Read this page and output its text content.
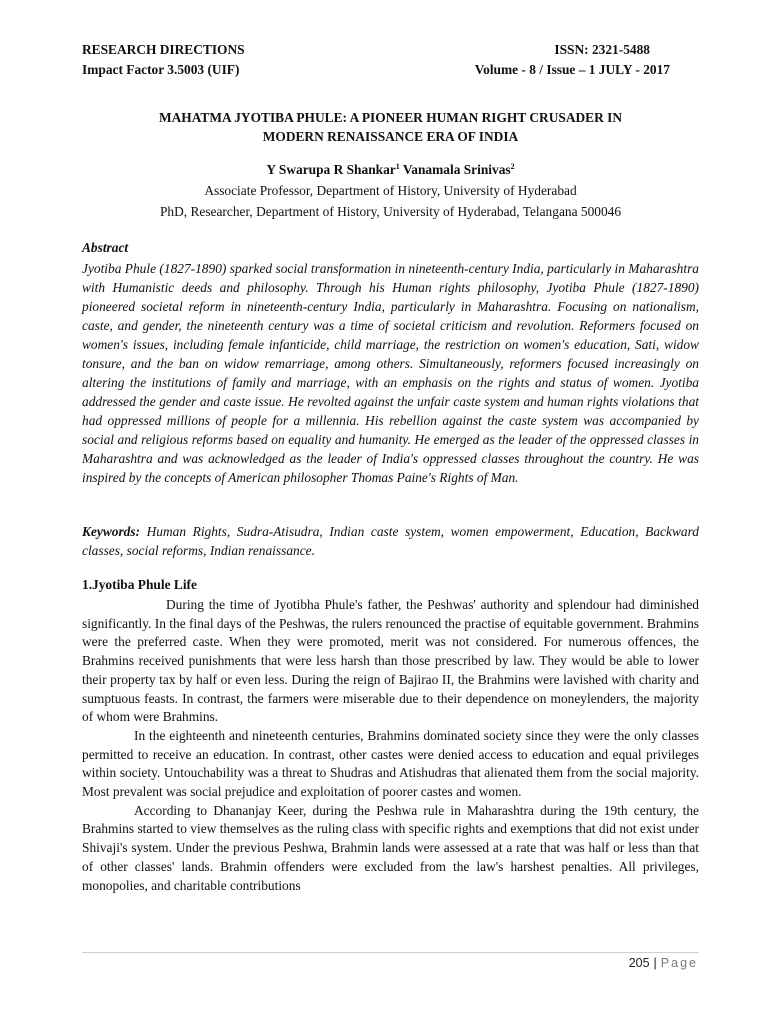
RESEARCH DIRECTIONS	ISSN: 2321-5488
Impact Factor 3.5003 (UIF)	Volume - 8 / Issue – 1 JULY - 2017
MAHATMA JYOTIBA PHULE: A PIONEER HUMAN RIGHT CRUSADER IN
MODERN RENAISSANCE ERA OF INDIA
Y Swarupa R Shankar$^1$ Vanamala Srinivas$^2$
Associate Professor, Department of History, University of Hyderabad
PhD, Researcher, Department of History, University of Hyderabad, Telangana 500046
Abstract
Jyotiba Phule (1827-1890) sparked social transformation in nineteenth-century India, particularly in Maharashtra with Humanistic deeds and philosophy. Through his Human rights philosophy, Jyotiba Phule (1827-1890) pioneered societal reform in nineteenth-century India, particularly in Maharashtra. Focusing on nationalism, caste, and gender, the nineteenth century was a time of societal criticism and revolution. Reformers focused on women's issues, including female infanticide, child marriage, the restriction on women's education, Sati, widow tonsure, and the ban on widow remarriage, among others. Simultaneously, reformers focused increasingly on altering the institutions of family and marriage, with an emphasis on the rights and status of women. Jyotiba addressed the gender and caste issue. He revolted against the unfair caste system and human rights violations that had oppressed millions of people for a millennia. His rebellion against the caste system was accompanied by social and religious reforms based on equality and humanity. He emerged as the leader of the oppressed classes in Maharashtra and was acknowledged as the leader of India's oppressed classes throughout the country. He was inspired by the concepts of American philosopher Thomas Paine's Rights of Man.
Keywords: Human Rights, Sudra-Atisudra, Indian caste system, women empowerment, Education, Backward classes, social reforms, Indian renaissance.
1.Jyotiba Phule Life

During the time of Jyotibha Phule's father, the Peshwas' authority and splendour had diminished significantly. In the final days of the Peshwas, the rulers renounced the practise of equitable government. Brahmins were the preferred caste. When they were promoted, merit was not considered. For numerous offences, the Brahmins received punishments that were less harsh than those prescribed by law. They would be able to lower their property tax by half or even less. During the reign of Bajirao II, the Brahmins were lavished with charity and sumptuous feasts. In contrast, the farmers were miserable due to their dependence on moneylenders, the majority of whom were Brahmins.

In the eighteenth and nineteenth centuries, Brahmins dominated society since they were the only classes permitted to receive an education. In contrast, other castes were denied access to education and equal privileges within society. Untouchability was a threat to Shudras and Atishudras that alienated them from the social majority. Most prevalent was social prejudice and exploitation of poorer castes and women.

According to Dhananjay Keer, during the Peshwa rule in Maharashtra during the 19th century, the Brahmins started to view themselves as the ruling class with specific rights and exemptions that did not exist under Shivaji's system. Under the previous Peshwa, Brahmin lands were assessed at a rate that was half or less than that of other classes' lands. Brahmin offenders were excluded from the law's harshest penalties. All privileges, monopolies, and charitable contributions

205 | Page
